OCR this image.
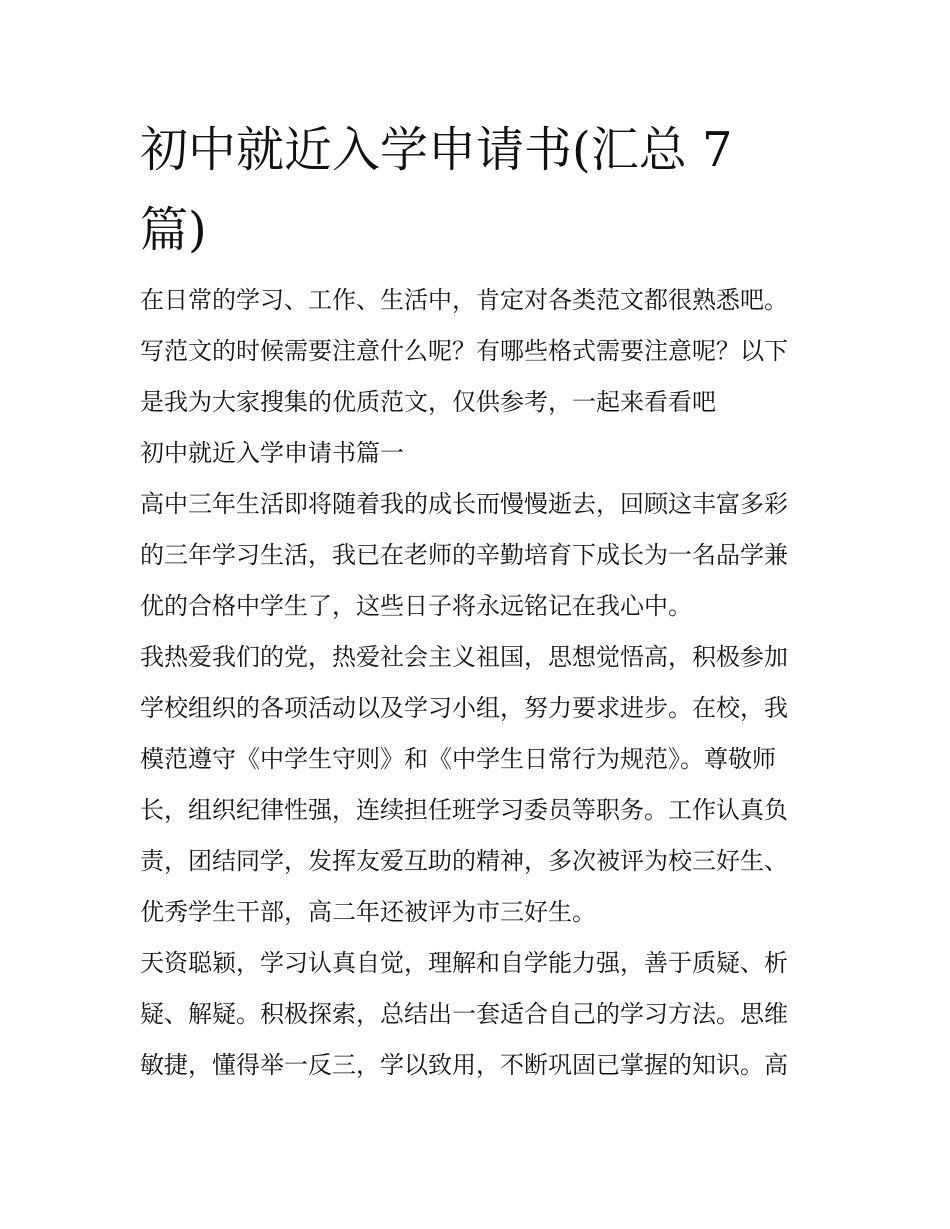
初中就近入学申请书(汇总 7
篇)

在日常的学习、工作、生活中，肯定对各类范文都很熟悉吧。
写范文的时候需要注意什么呢？有哪些格式需要注意呢？以下
是我为大家搜集的优质范文，仅供参考，一起来看看吧

初中就近入学申请书篇一

高中三年生活即将随着我的成长而慢慢逝去，回顾这丰富多彩
的三年学习生活，我已在老师的辛勤培育下成长为一名品学兼
优的合格中学生了，这些日子将永远铭记在我心中。

我热爱我们的党，热爱社会主义祖国，思想觉悟高，积极参加
学校组织的各项活动以及学习小组，努力要求进步。在校，我
模范遵守《中学生守则》和《中学生日常行为规范》。尊敬师
长，组织纪律性强，连续担任班学习委员等职务。工作认真负
责，团结同学，发挥友爱互助的精神，多次被评为校三好生、
优秀学生干部，高二年还被评为市三好生。

天资聪颖，学习认真自觉，理解和自学能力强，善于质疑、析
疑、解疑。积极探索，总结出一套适合自己的学习方法。思维
敏捷，懂得举一反三，学以致用，不断巩固已掌握的知识。高
